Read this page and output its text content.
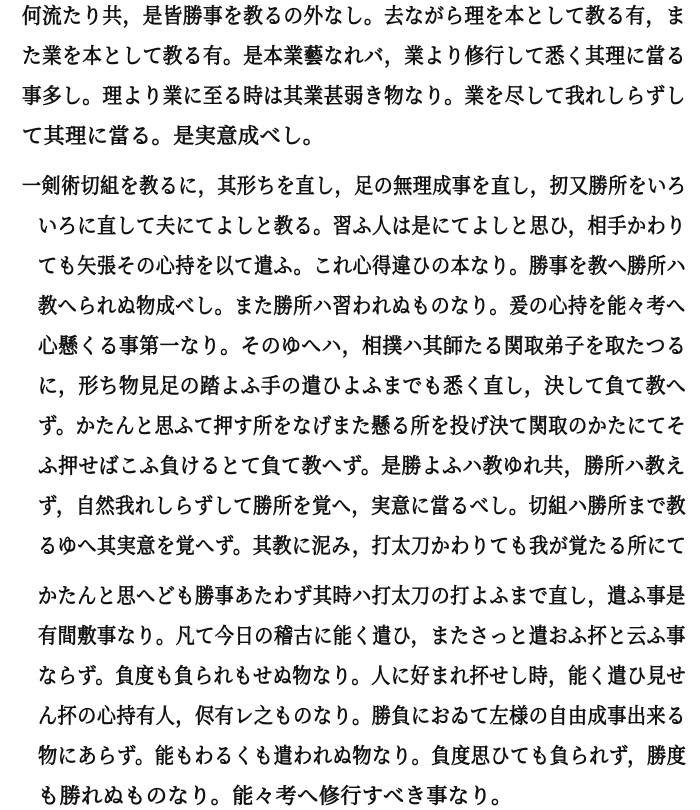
何流たり共，是皆勝事を教るの外なし。去ながら理を本として教る有，ま
た業を本として教る有。是本業藝なれバ，業より修行して悉く其理に當る
事多し。理より業に至る時は其業甚弱き物なり。業を尽して我れしらずし
て其理に當る。是実意成べし。
一剣術切組を教るに，其形ちを直し，足の無理成事を直し，扨又勝所をいろ
いろに直して夫にてよしと教る。習ふ人は是にてよしと思ひ，相手かわり
ても矢張その心持を以て遣ふ。これ心得違ひの本なり。勝事を教へ勝所ハ
教へられぬ物成べし。また勝所ハ習われぬものなり。爰の心持を能々考へ
心懸くる事第一なり。そのゆへハ，相撲ハ其師たる関取弟子を取たつる
に，形ち物見足の踏よふ手の遣ひよふまでも悉く直し，決して負て教へ
ず。かたんと思ふて押す所をなげまた懸る所を投げ決て関取のかたにてそ
ふ押せばこふ負けるとて負て教へず。是勝よふハ教ゆれ共，勝所ハ教え
ず，自然我れしらずして勝所を覚へ，実意に當るべし。切組ハ勝所まで教
るゆへ其実意を覚へず。其教に泥み，打太刀かわりても我が覚たる所にて
かたんと思へども勝事あたわず其時ハ打太刀の打よふまで直し，遣ふ事是
有間敷事なり。凡て今日の稽古に能く遣ひ，またさっと遣おふ抔と云ふ事
ならず。負度も負られもせぬ物なり。人に好まれ抔せし時，能く遣ひ見せ
ん抔の心持有人，侭有レ之ものなり。勝負におゐて左様の自由成事出来る
物にあらず。能もわるくも遣われぬ物なり。負度思ひても負られず，勝度
も勝れぬものなり。能々考へ修行すべき事なり。
